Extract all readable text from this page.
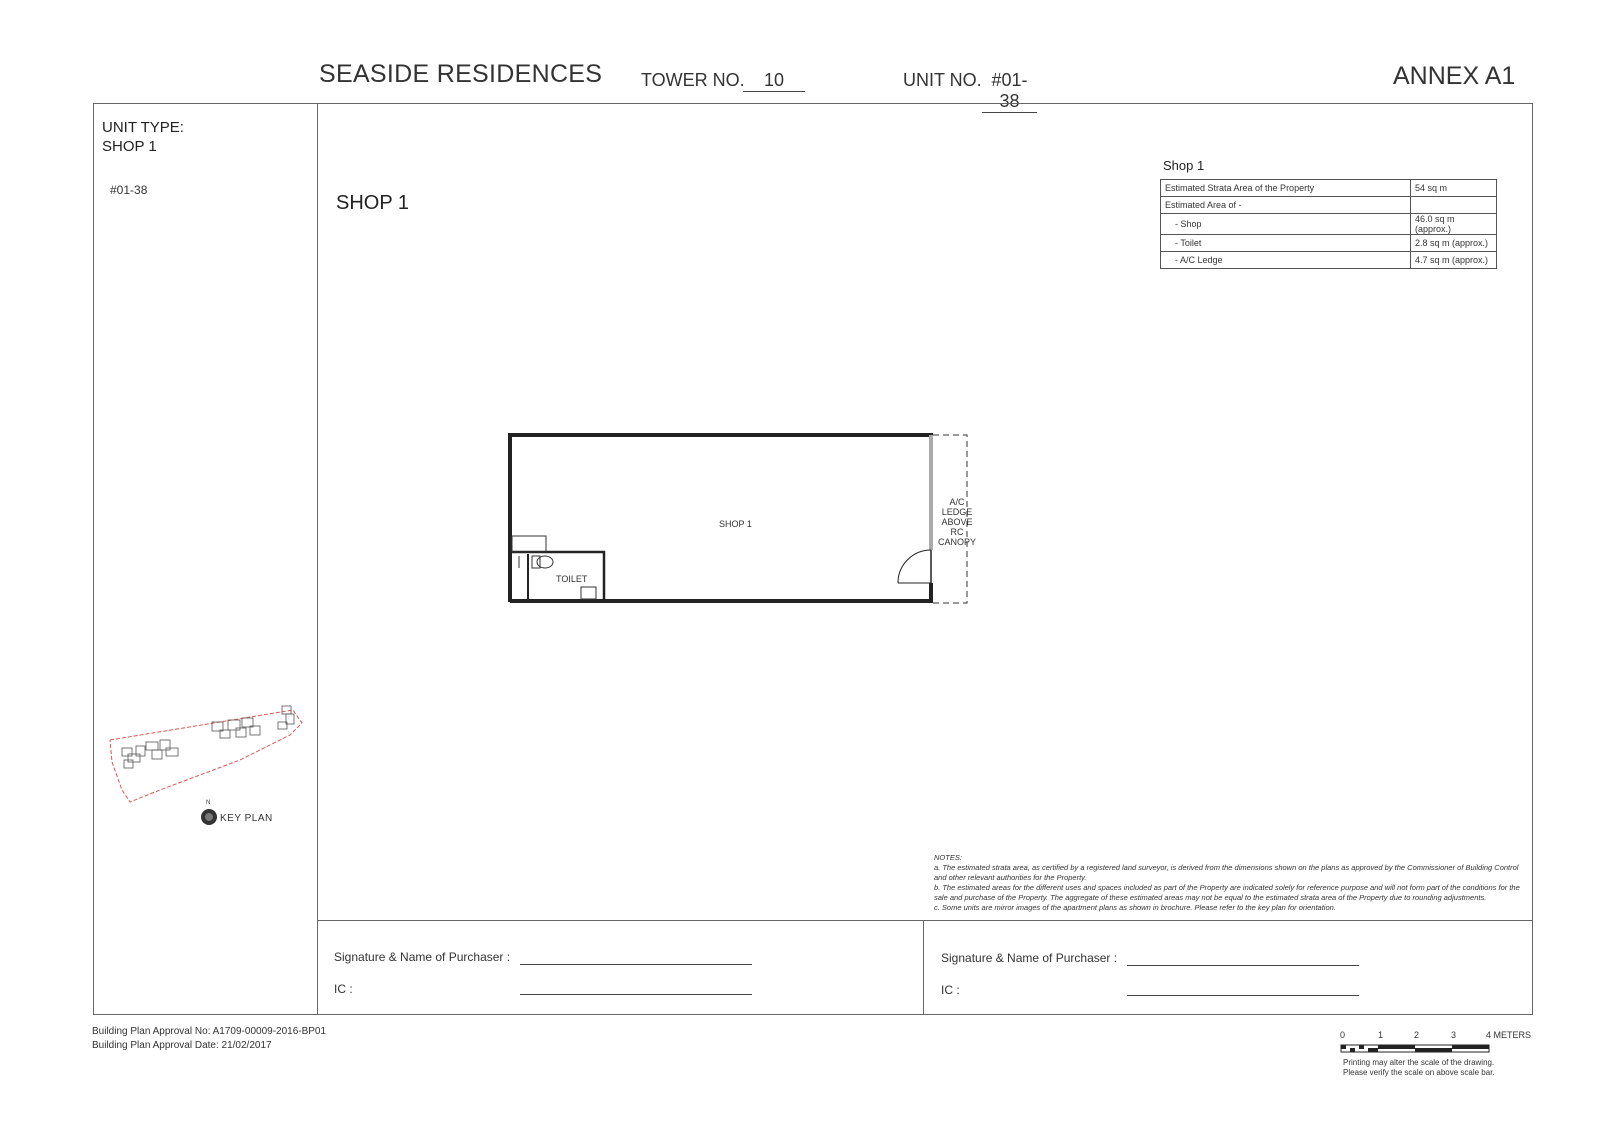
SEASIDE RESIDENCES TOWER NO.	10	UNIT NO. #01-38
ANNEX A1
UNIT TYPE:
SHOP 1
#01-38
N
KEY PLAN
SHOP 1
Shop 1
Estimated Strata Area of the Property	54 sq m
Estimated Area of -	
- Shop	46.0 sq m (approx.)
- Toilet	2.8 sq m (approx.)
- A/C Ledge	4.7 sq m (approx.)
SHOP 1
TOILET
A/C
LEDGE
ABOVE
RC
CANOPY
NOTES:
a. The estimated strata area, as certified by a registered land surveyor, is derived from the dimensions shown on the plans as approved by the Commissioner of Building Control and other relevant authorities for the Property.
b. The estimated areas for the different uses and spaces included as part of the Property are indicated solely for reference purpose and will not form part of the conditions for the sale and purchase of the Property. The aggregate of these estimated areas may not be equal to the estimated strata area of the Property due to rounding adjustments.
c. Some units are mirror images of the apartment plans as shown in brochure. Please refer to the key plan for orientation.
Signature & Name of Purchaser :
IC :
Signature & Name of Purchaser :
IC :
Building Plan Approval No: A1709-00009-2016-BP01
Building Plan Approval Date: 21/02/2017
0	1	2	3	4 METERS
Printing may alter the scale of the drawing.
Please verify the scale on above scale bar.
